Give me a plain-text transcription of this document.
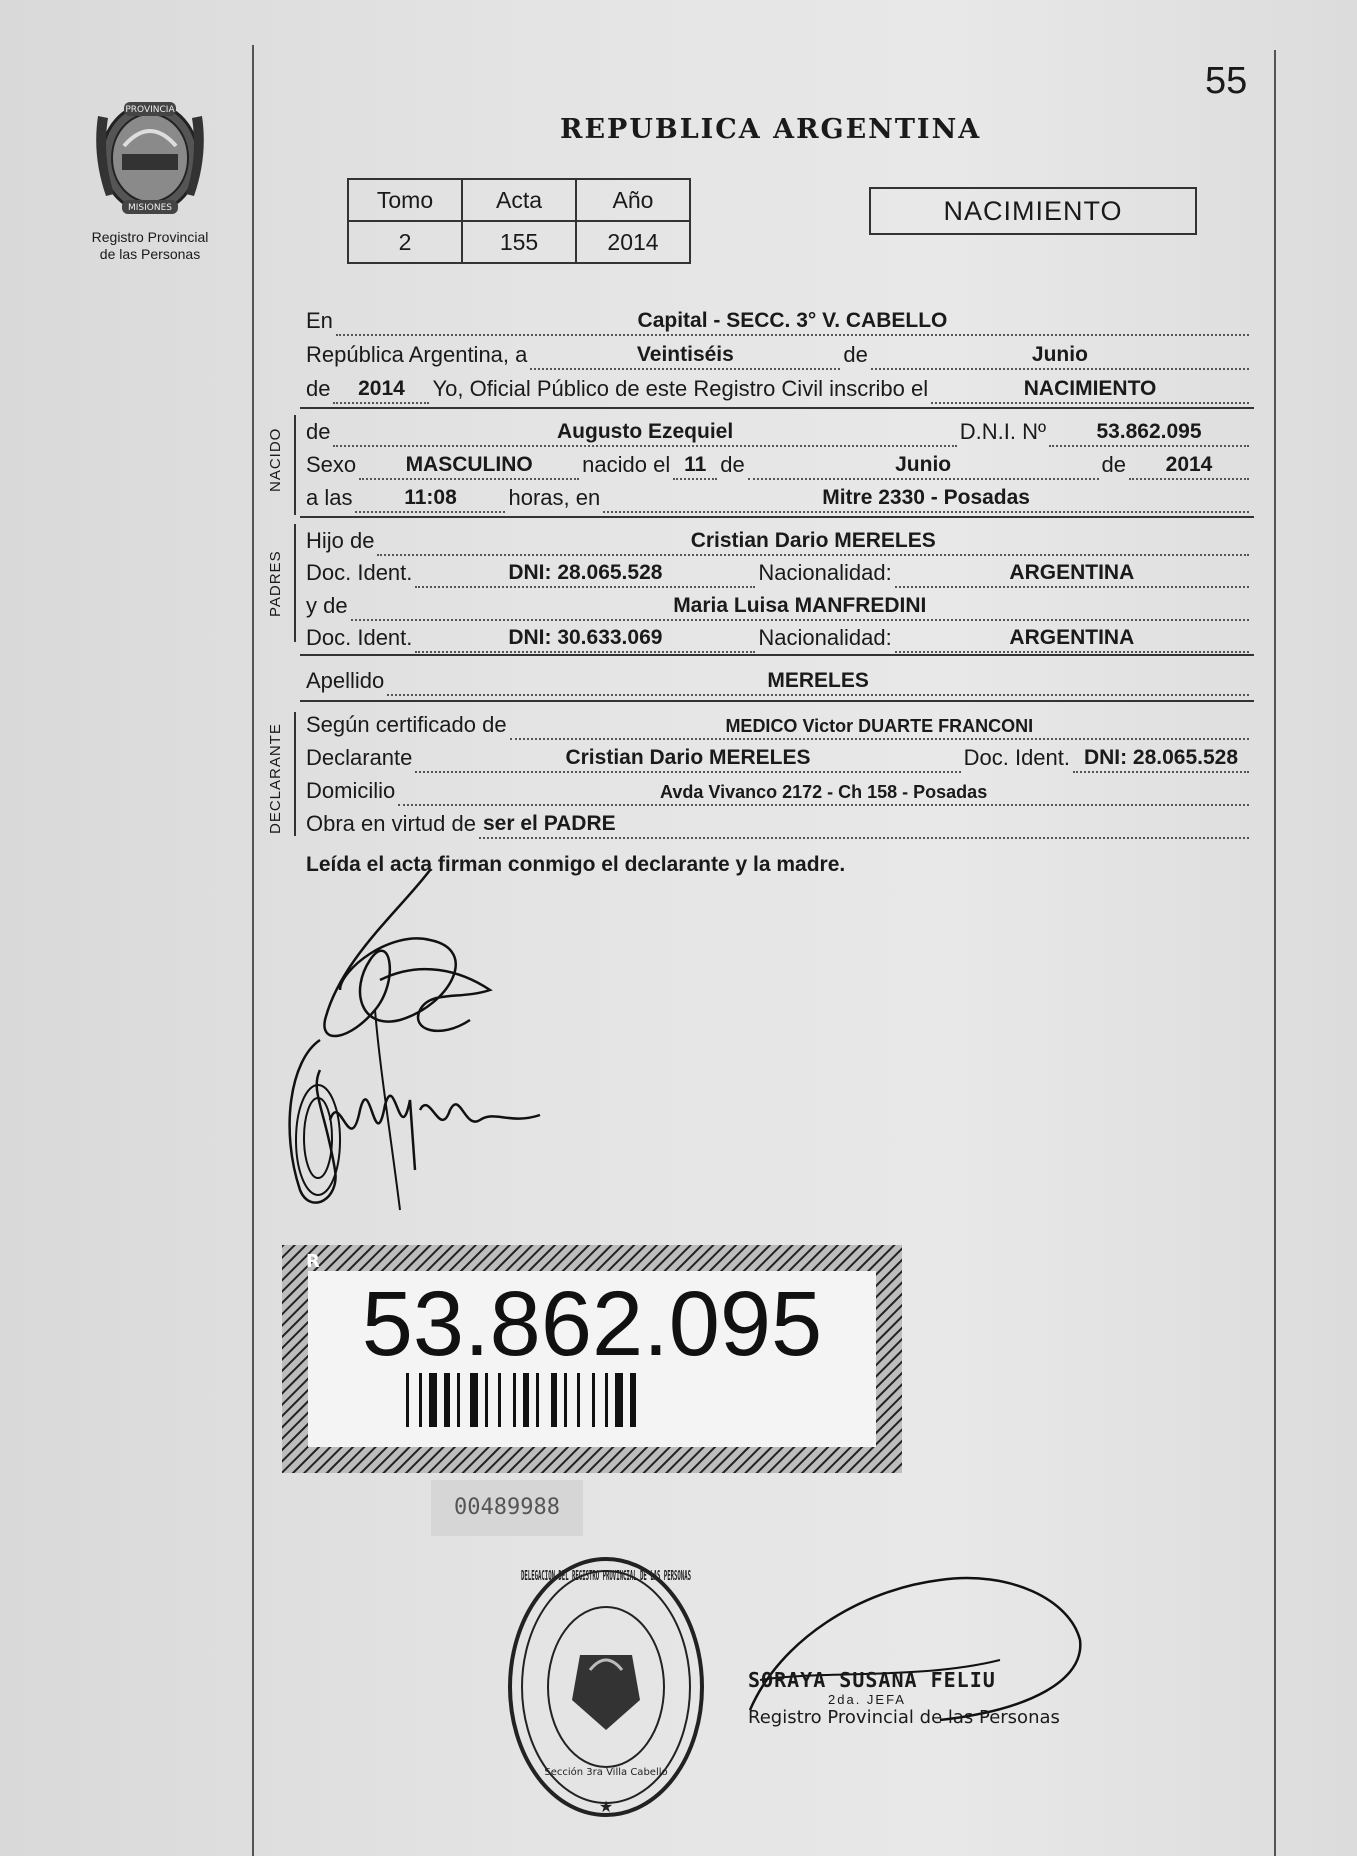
55
REPUBLICA ARGENTINA
PROVINCIA
MISIONES
Registro Provincial
de las Personas
Tomo	Acta	Año
2	155	2014
NACIMIENTO
En	Capital - SECC. 3° V. CABELLO
República Argentina, a	Veintiséis	de	Junio
de	2014	Yo, Oficial Público de este Registro Civil inscribo el	NACIMIENTO
NACIDO de	Augusto Ezequiel	D.N.I. Nº	53.862.095
Sexo	MASCULINO	nacido el 11 de	Junio	de	2014
a las	11:08	horas, en	Mitre 2330 - Posadas
PADRES
Hijo de	Cristian Dario MERELES
Doc. Ident.	DNI: 28.065.528	Nacionalidad:	ARGENTINA
y de	Maria Luisa MANFREDINI
Doc. Ident.	DNI: 30.633.069	Nacionalidad:	ARGENTINA
Apellido	MERELES
DECLARANTE Según certificado de	MEDICO Victor DUARTE FRANCONI
Declarante	Cristian Dario MERELES	Doc. Ident. DNI: 28.065.528
Domicilio	Avda Vivanco 2172 - Ch 158 - Posadas
Obra en virtud de ser el PADRE
Leída el acta firman conmigo el declarante y la madre.
R
53.862.095
00489988
DELEGACION DEL REGISTRO PROVINCIAL DE LAS PERSONAS
Sección 3ra Villa Cabello
★
SORAYA SUSANA FELIU
2da. JEFA
Registro Provincial de las Personas
